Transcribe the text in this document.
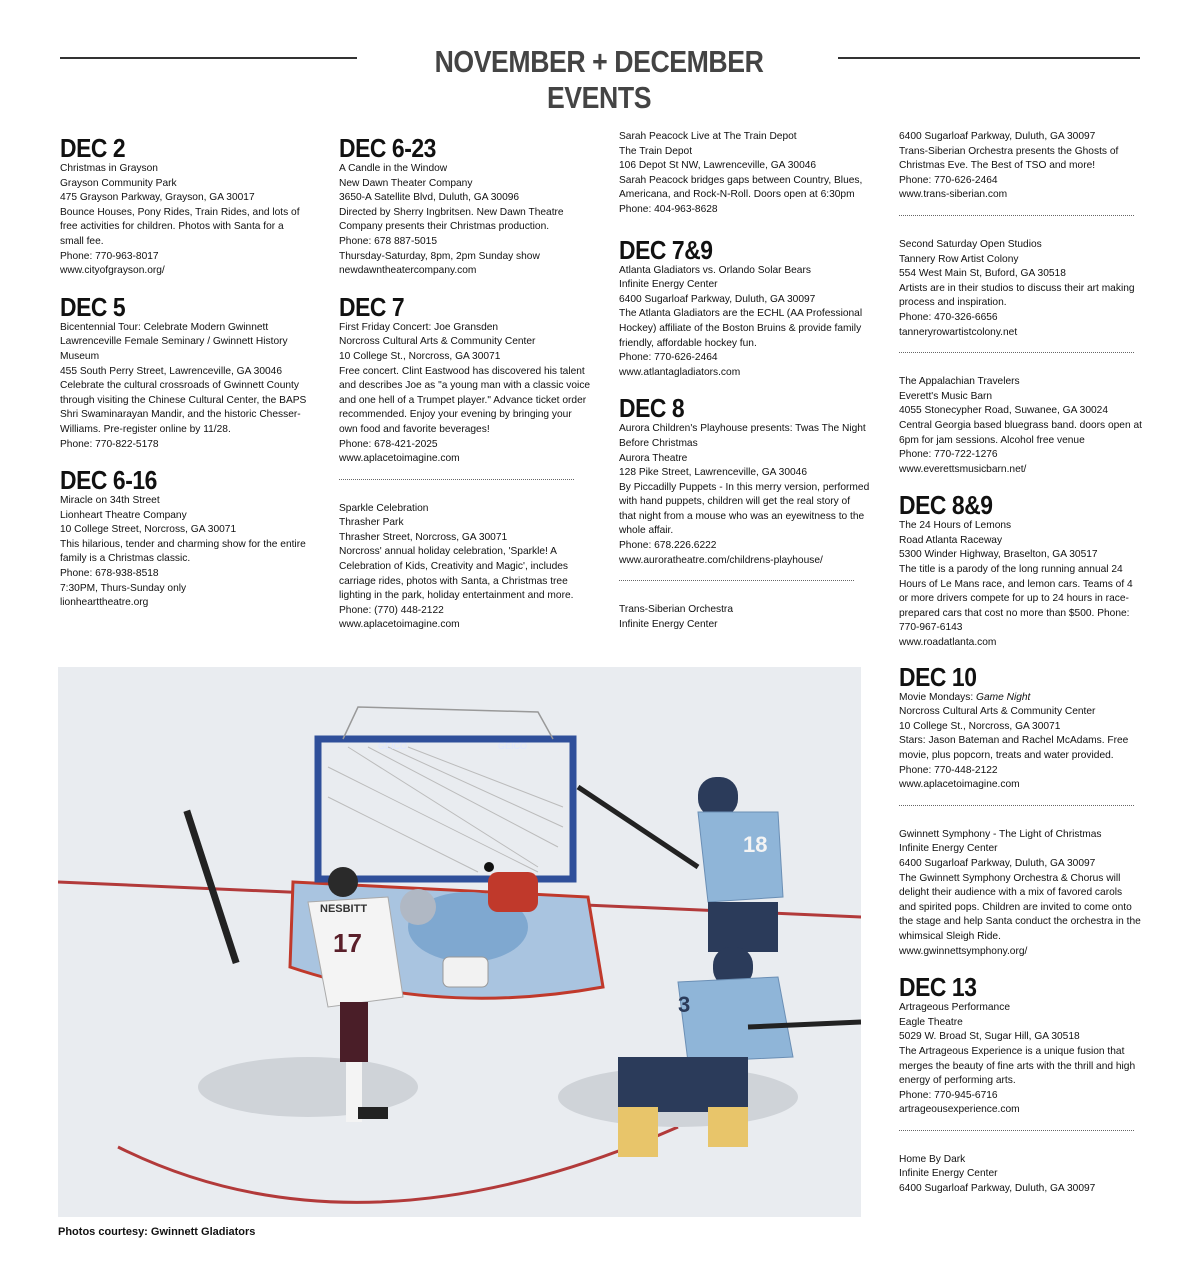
NOVEMBER + DECEMBER EVENTS
DEC 2
Christmas in Grayson
Grayson Community Park
475 Grayson Parkway, Grayson, GA 30017
Bounce Houses, Pony Rides, Train Rides, and lots of
free activities for children. Photos with Santa for a
small fee.
Phone: 770-963-8017
www.cityofgrayson.org/
DEC 5
Bicentennial Tour: Celebrate Modern Gwinnett
Lawrenceville Female Seminary / Gwinnett History
Museum
455 South Perry Street, Lawrenceville, GA 30046
Celebrate the cultural crossroads of Gwinnett County
through visiting the Chinese Cultural Center, the BAPS
Shri Swaminarayan Mandir, and the historic Chesser-
Williams. Pre-register online by 11/28.
Phone: 770-822-5178
DEC 6-16
Miracle on 34th Street
Lionheart Theatre Company
10 College Street, Norcross, GA 30071
This hilarious, tender and charming show for the entire
family is a Christmas classic.
Phone: 678-938-8518
7:30PM, Thurs-Sunday only
lionhearttheatre.org
DEC 6-23
A Candle in the Window
New Dawn Theater Company
3650-A Satellite Blvd, Duluth, GA 30096
Directed by Sherry Ingbritsen. New Dawn Theatre
Company presents their Christmas production.
Phone: 678 887-5015
Thursday-Saturday, 8pm, 2pm Sunday show
newdawntheatercompany.com
DEC 7
First Friday Concert: Joe Gransden
Norcross Cultural Arts & Community Center
10 College St., Norcross, GA 30071
Free concert. Clint Eastwood has discovered his talent
and describes Joe as "a young man with a classic voice
and one hell of a Trumpet player." Advance ticket order
recommended. Enjoy your evening by bringing your
own food and favorite beverages!
Phone: 678-421-2025
www.aplacetoimagine.com
Sparkle Celebration
Thrasher Park
Thrasher Street, Norcross, GA 30071
Norcross' annual holiday celebration, 'Sparkle! A
Celebration of Kids, Creativity and Magic', includes
carriage rides, photos with Santa, a Christmas tree
lighting in the park, holiday entertainment and more.
Phone: (770) 448-2122
www.aplacetoimagine.com
Sarah Peacock Live at The Train Depot
The Train Depot
106 Depot St NW, Lawrenceville, GA 30046
Sarah Peacock bridges gaps between Country, Blues,
Americana, and Rock-N-Roll. Doors open at 6:30pm
Phone: 404-963-8628
DEC 7&9
Atlanta Gladiators vs. Orlando Solar Bears
Infinite Energy Center
6400 Sugarloaf Parkway, Duluth, GA 30097
The Atlanta Gladiators are the ECHL (AA Professional
Hockey) affiliate of the Boston Bruins & provide family
friendly, affordable hockey fun.
Phone: 770-626-2464
www.atlantagladiators.com
DEC 8
Aurora Children's Playhouse presents: Twas The Night
Before Christmas
Aurora Theatre
128 Pike Street, Lawrenceville, GA 30046
By Piccadilly Puppets - In this merry version, performed
with hand puppets, children will get the real story of
that night from a mouse who was an eyewitness to the
whole affair.
Phone: 678.226.6222
www.auroratheatre.com/childrens-playhouse/
Trans-Siberian Orchestra
Infinite Energy Center
6400 Sugarloaf Parkway, Duluth, GA 30097
Trans-Siberian Orchestra presents the Ghosts of
Christmas Eve. The Best of TSO and more!
Phone: 770-626-2464
www.trans-siberian.com
Second Saturday Open Studios
Tannery Row Artist Colony
554 West Main St, Buford, GA 30518
Artists are in their studios to discuss their art making
process and inspiration.
Phone: 470-326-6656
tanneryrowartistcolony.net
The Appalachian Travelers
Everett's Music Barn
4055 Stonecypher Road, Suwanee, GA 30024
Central Georgia based bluegrass band. doors open at
6pm for jam sessions. Alcohol free venue
Phone: 770-722-1276
www.everettsmusicbarn.net/
DEC 8&9
The 24 Hours of Lemons
Road Atlanta Raceway
5300 Winder Highway, Braselton, GA 30517
The title is a parody of the long running annual 24
Hours of Le Mans race, and lemon cars. Teams of 4
or more drivers compete for up to 24 hours in race-
prepared cars that cost no more than $500. Phone:
770-967-6143
www.roadatlanta.com
DEC 10
Movie Mondays: Game Night
Norcross Cultural Arts & Community Center
10 College St., Norcross, GA 30071
Stars: Jason Bateman and Rachel McAdams. Free
movie, plus popcorn, treats and water provided.
Phone: 770-448-2122
www.aplacetoimagine.com
Gwinnett Symphony - The Light of Christmas
Infinite Energy Center
6400 Sugarloaf Parkway, Duluth, GA 30097
The Gwinnett Symphony Orchestra & Chorus will
delight their audience with a mix of favored carols
and spirited pops. Children are invited to come onto
the stage and help Santa conduct the orchestra in the
whimsical Sleigh Ride.
www.gwinnettsymphony.org/
DEC 13
Artrageous Performance
Eagle Theatre
5029 W. Broad St, Sugar Hill, GA 30518
The Artrageous Experience is a unique fusion that
merges the beauty of fine arts with the thrill and high
energy of performing arts.
Phone: 770-945-6716
artrageousexperience.com
Home By Dark
Infinite Energy Center
6400 Sugarloaf Parkway, Duluth, GA 30097
GEICO	GEICO
NESBITT
17
18
3
Photos courtesy: Gwinnett Gladiators
